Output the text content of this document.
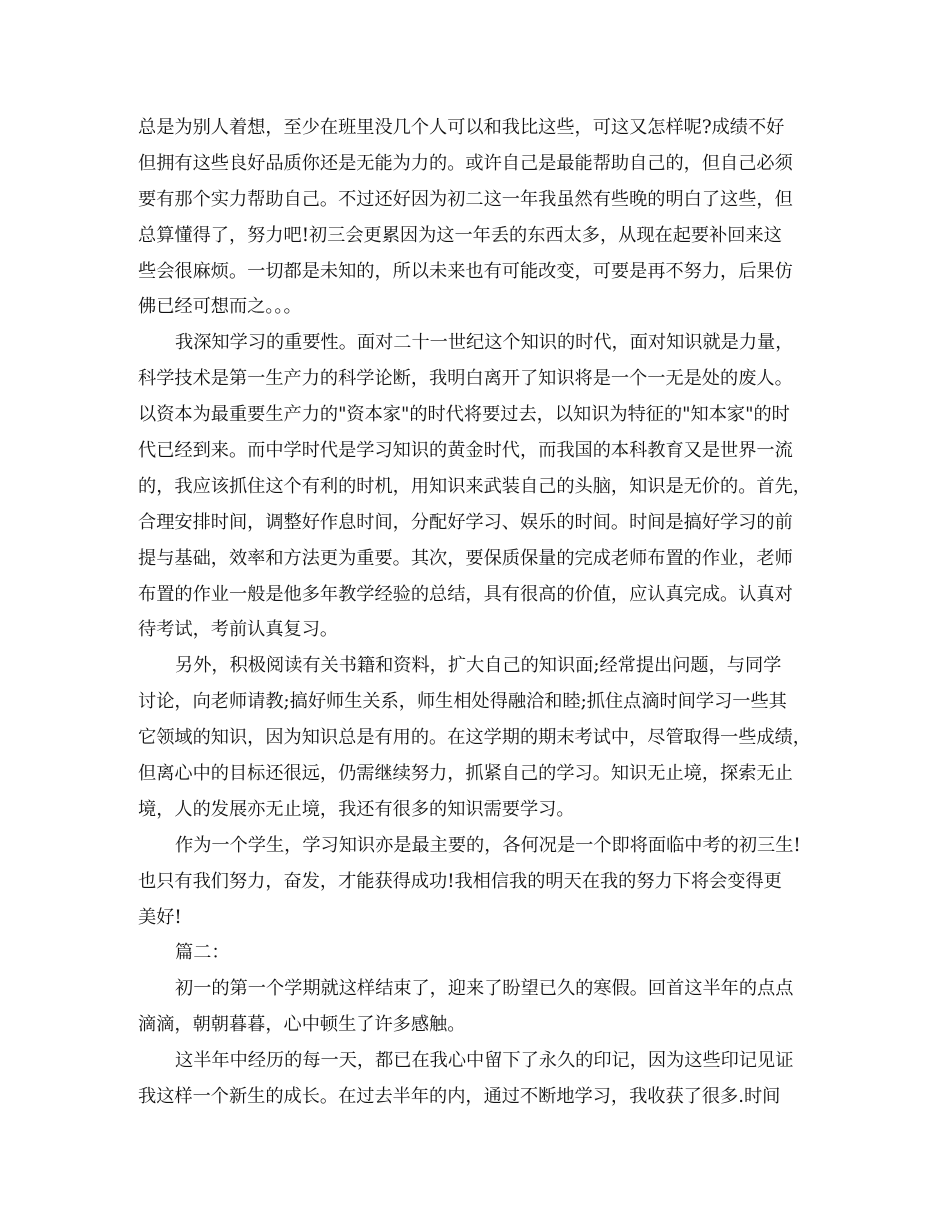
总是为别人着想，至少在班里没几个人可以和我比这些，可这又怎样呢?成绩不好
但拥有这些良好品质你还是无能为力的。或许自己是最能帮助自己的，但自己必须
要有那个实力帮助自己。不过还好因为初二这一年我虽然有些晚的明白了这些，但
总算懂得了，努力吧!初三会更累因为这一年丢的东西太多，从现在起要补回来这
些会很麻烦。一切都是未知的，所以未来也有可能改变，可要是再不努力，后果仿
佛已经可想而之。。。
我深知学习的重要性。面对二十一世纪这个知识的时代，面对知识就是力量，
科学技术是第一生产力的科学论断，我明白离开了知识将是一个一无是处的废人。
以资本为最重要生产力的"资本家"的时代将要过去，以知识为特征的"知本家"的时
代已经到来。而中学时代是学习知识的黄金时代，而我国的本科教育又是世界一流
的，我应该抓住这个有利的时机，用知识来武装自己的头脑，知识是无价的。首先，
合理安排时间，调整好作息时间，分配好学习、娱乐的时间。时间是搞好学习的前
提与基础，效率和方法更为重要。其次，要保质保量的完成老师布置的作业，老师
布置的作业一般是他多年教学经验的总结，具有很高的价值，应认真完成。认真对
待考试，考前认真复习。
另外，积极阅读有关书籍和资料，扩大自己的知识面;经常提出问题，与同学
讨论，向老师请教;搞好师生关系，师生相处得融洽和睦;抓住点滴时间学习一些其
它领域的知识，因为知识总是有用的。在这学期的期末考试中，尽管取得一些成绩，
但离心中的目标还很远，仍需继续努力，抓紧自己的学习。知识无止境，探索无止
境，人的发展亦无止境，我还有很多的知识需要学习。
作为一个学生，学习知识亦是最主要的，各何况是一个即将面临中考的初三生!
也只有我们努力，奋发，才能获得成功!我相信我的明天在我的努力下将会变得更
美好!
篇二：
初一的第一个学期就这样结束了，迎来了盼望已久的寒假。回首这半年的点点
滴滴，朝朝暮暮，心中顿生了许多感触。
这半年中经历的每一天，都已在我心中留下了永久的印记，因为这些印记见证
我这样一个新生的成长。在过去半年的内，通过不断地学习，我收获了很多.时间
